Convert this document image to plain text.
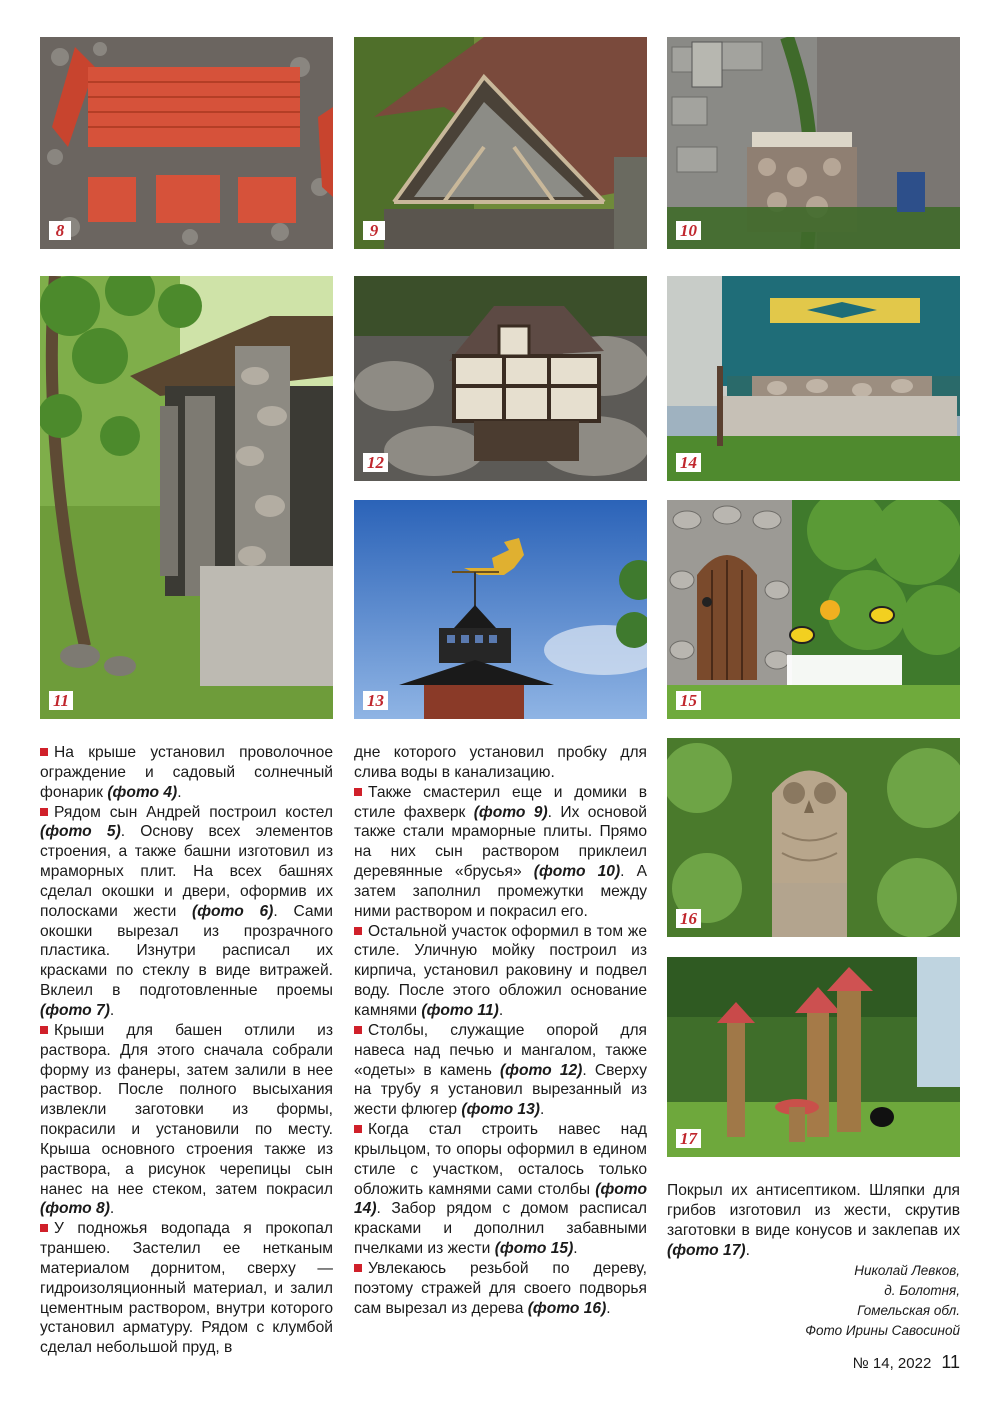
8	9	10
11
12	14
13	15
16
17

На крыше установил проволочное ограждение и садовый солнечный фонарик (фото 4).

Рядом сын Андрей построил костел (фото 5). Основу всех элементов строения, а также башни изготовил из мраморных плит. На всех башнях сделал окошки и двери, оформив их полосками жести (фото 6). Сами окошки вырезал из прозрачного пластика. Изнутри расписал их красками по стеклу в виде витражей. Вклеил в подготовленные проемы (фото 7).

Крыши для башен отлили из раствора. Для этого сначала собрали форму из фанеры, затем залили в нее раствор. После полного высыхания извлекли заготовки из формы, покрасили и установили по месту. Крыша основного строения также из раствора, а рисунок черепицы сын нанес на нее стеком, затем покрасил (фото 8).

У подножья водопада я прокопал траншею. Застелил ее нетканым материалом дорнитом, сверху — гидроизоляционный материал, и залил цементным раствором, внутри которого установил арматуру. Рядом с клумбой сделал небольшой пруд, в

дне которого установил пробку для слива воды в канализацию.

Также смастерил еще и домики в стиле фахверк (фото 9). Их основой также стали мраморные плиты. Прямо на них сын раствором приклеил деревянные «брусья» (фото 10). А затем заполнил промежутки между ними раствором и покрасил его.

Остальной участок оформил в том же стиле. Уличную мойку построил из кирпича, установил раковину и подвел воду. После этого обложил основание камнями (фото 11).

Столбы, служащие опорой для навеса над печью и мангалом, также «одеты» в камень (фото 12). Сверху на трубу я установил вырезанный из жести флюгер (фото 13).

Когда стал строить навес над крыльцом, то опоры оформил в едином стиле с участком, осталось только обложить камнями сами столбы (фото 14). Забор рядом с домом расписал красками и дополнил забавными пчелками из жести (фото 15).

Увлекаюсь резьбой по дереву, поэтому стражей для своего подворья сам вырезал из дерева (фото 16).

Покрыл их антисептиком. Шляпки для грибов изготовил из жести, скрутив заготовки в виде конусов и заклепав их (фото 17).

Николай Левков,
д. Болотня,
Гомельская обл.
Фото Ирины Савосиной
№ 14, 2022 11
